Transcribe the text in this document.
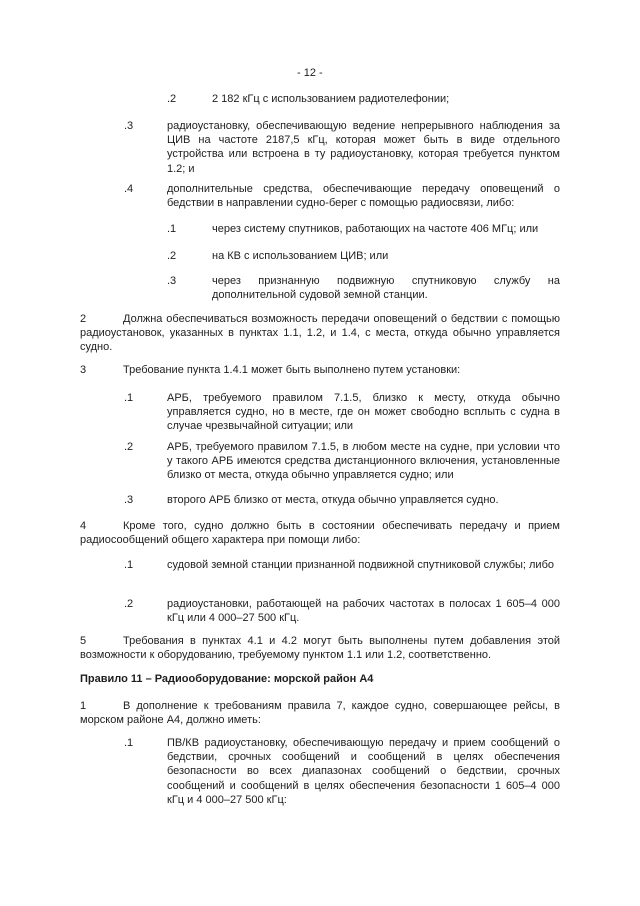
- 12 -
.2	2 182 кГц с использованием радиотелефонии;
.3	радиоустановку, обеспечивающую ведение непрерывного наблюдения за ЦИВ на частоте 2187,5 кГц, которая может быть в виде отдельного устройства или встроена в ту радиоустановку, которая требуется пунктом 1.2; и
.4	дополнительные средства, обеспечивающие передачу оповещений о бедствии в направлении судно-берег с помощью радиосвязи, либо:
.1	через систему спутников, работающих на частоте 406 МГц; или
.2	на КВ с использованием ЦИВ; или
.3	через признанную подвижную спутниковую службу на дополнительной судовой земной станции.
2	Должна обеспечиваться возможность передачи оповещений о бедствии с помощью радиоустановок, указанных в пунктах 1.1, 1.2, и 1.4, с места, откуда обычно управляется судно.
3	Требование пункта 1.4.1 может быть выполнено путем установки:
.1	АРБ, требуемого правилом 7.1.5, близко к месту, откуда обычно управляется судно, но в месте, где он может свободно всплыть с судна в случае чрезвычайной ситуации; или
.2	АРБ, требуемого правилом 7.1.5, в любом месте на судне, при условии что у такого АРБ имеются средства дистанционного включения, установленные близко от места, откуда обычно управляется судно; или
.3	второго АРБ близко от места, откуда обычно управляется судно.
4	Кроме того, судно должно быть в состоянии обеспечивать передачу и прием радиосообщений общего характера при помощи либо:
.1	судовой земной станции признанной подвижной спутниковой службы; либо
.2	радиоустановки, работающей на рабочих частотах в полосах 1 605–4 000 кГц или 4 000–27 500 кГц.
5	Требования в пунктах 4.1 и 4.2 могут быть выполнены путем добавления этой возможности к оборудованию, требуемому пунктом 1.1 или 1.2, соответственно.
Правило 11 – Радиооборудование: морской район А4
1	В дополнение к требованиям правила 7, каждое судно, совершающее рейсы, в морском районе А4, должно иметь:
.1	ПВ/КВ радиоустановку, обеспечивающую передачу и прием сообщений о бедствии, срочных сообщений и сообщений в целях обеспечения безопасности во всех диапазонах сообщений о бедствии, срочных сообщений и сообщений в целях обеспечения безопасности 1 605–4 000 кГц и 4 000–27 500 кГц:
